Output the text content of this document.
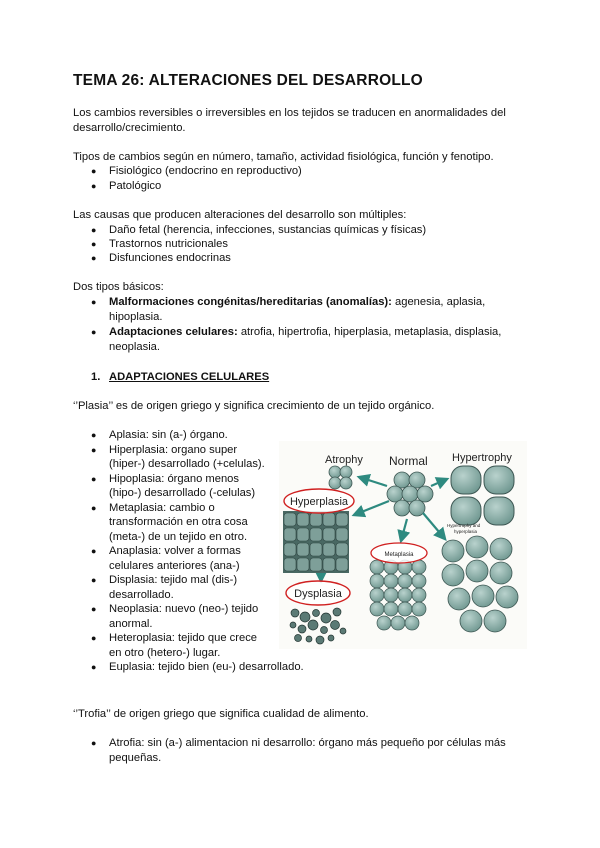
TEMA 26: ALTERACIONES DEL DESARROLLO
Los cambios reversibles o irreversibles en los tejidos se traducen en anormalidades del
desarrollo/crecimiento.
Tipos de cambios según en número, tamaño, actividad fisiológica, función y fenotipo.
● Fisiológico (endocrino en reproductivo)
● Patológico
Las causas que producen alteraciones del desarrollo son múltiples:
● Daño fetal (herencia, infecciones, sustancias químicas y físicas)
● Trastornos nutricionales
● Disfunciones endocrinas
Dos tipos básicos:
● Malformaciones congénitas/hereditarias (anomalías): agenesia, aplasia,
hipoplasia.
● Adaptaciones celulares: atrofia, hipertrofia, hiperplasia, metaplasia, displasia,
neoplasia.
1. ADAPTACIONES CELULARES
‘’Plasia’’ es de origen griego y significa crecimiento de un tejido orgánico.
● Aplasia: sin (a-) órgano.
● Hiperplasia: organo super
(hiper-) desarrollado (+celulas).
● Hipoplasia: órgano menos
(hipo-) desarrollado (-celulas)
● Metaplasia: cambio o
transformación en otra cosa
(meta-) de un tejido en otro.
● Anaplasia: volver a formas
celulares anteriores (ana-)
● Displasia: tejido mal (dis-)
desarrollado.
● Neoplasia: nuevo (neo-) tejido
anormal.
● Heteroplasia: tejido que crece
en otro (hetero-) lugar.
● Euplasia: tejido bien (eu-) desarrollado.
Atrophy Normal Hypertrophy
Hyperplasia
Metaplasia
Hypertrophy and hyperplasia
Dysplasia
‘’Trofia’’ de origen griego que significa cualidad de alimento.
● Atrofia: sin (a-) alimentacion ni desarrollo: órgano más pequeño por células más
pequeñas.
